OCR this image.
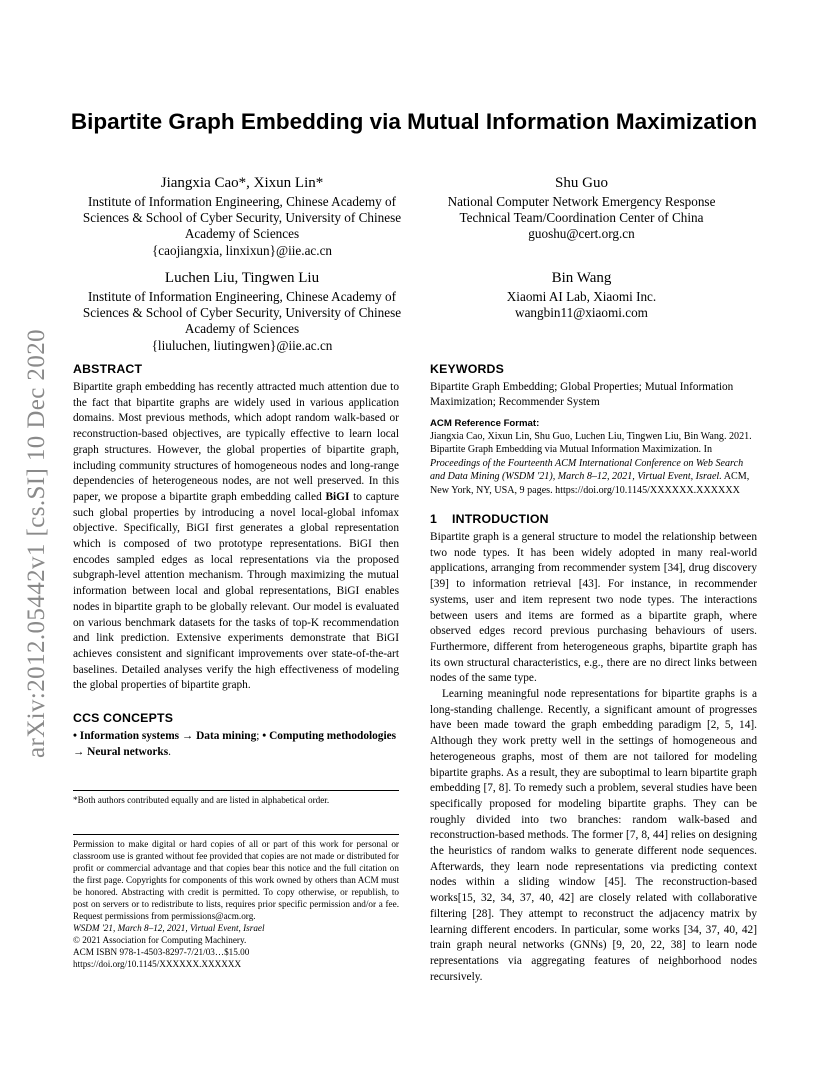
arXiv:2012.05442v1 [cs.SI] 10 Dec 2020
Bipartite Graph Embedding via Mutual Information Maximization
Jiangxia Cao*, Xixun Lin*
Institute of Information Engineering, Chinese Academy of Sciences & School of Cyber Security, University of Chinese Academy of Sciences
{caojiangxia, linxixun}@iie.ac.cn
Shu Guo
National Computer Network Emergency Response Technical Team/Coordination Center of China
guoshu@cert.org.cn
Luchen Liu, Tingwen Liu
Institute of Information Engineering, Chinese Academy of Sciences & School of Cyber Security, University of Chinese Academy of Sciences
{liuluchen, liutingwen}@iie.ac.cn
Bin Wang
Xiaomi AI Lab, Xiaomi Inc.
wangbin11@xiaomi.com
ABSTRACT

Bipartite graph embedding has recently attracted much attention due to the fact that bipartite graphs are widely used in various application domains. Most previous methods, which adopt random walk-based or reconstruction-based objectives, are typically effective to learn local graph structures. However, the global properties of bipartite graph, including community structures of homogeneous nodes and long-range dependencies of heterogeneous nodes, are not well preserved. In this paper, we propose a bipartite graph embedding called BiGI to capture such global properties by introducing a novel local-global infomax objective. Specifically, BiGI first generates a global representation which is composed of two prototype representations. BiGI then encodes sampled edges as local representations via the proposed subgraph-level attention mechanism. Through maximizing the mutual information between local and global representations, BiGI enables nodes in bipartite graph to be globally relevant. Our model is evaluated on various benchmark datasets for the tasks of top-K recommendation and link prediction. Extensive experiments demonstrate that BiGI achieves consistent and significant improvements over state-of-the-art baselines. Detailed analyses verify the high effectiveness of modeling the global properties of bipartite graph.

CCS CONCEPTS

• Information systems → Data mining; • Computing methodologies → Neural networks.

*Both authors contributed equally and are listed in alphabetical order.

Permission to make digital or hard copies of all or part of this work for personal or classroom use is granted without fee provided that copies are not made or distributed for profit or commercial advantage and that copies bear this notice and the full citation on the first page. Copyrights for components of this work owned by others than ACM must be honored. Abstracting with credit is permitted. To copy otherwise, or republish, to post on servers or to redistribute to lists, requires prior specific permission and/or a fee. Request permissions from permissions@acm.org.

WSDM '21, March 8–12, 2021, Virtual Event, Israel

© 2021 Association for Computing Machinery.

ACM ISBN 978-1-4503-8297-7/21/03…$15.00

https://doi.org/10.1145/XXXXXX.XXXXXX

KEYWORDS

Bipartite Graph Embedding; Global Properties; Mutual Information Maximization; Recommender System

ACM Reference Format:

Jiangxia Cao, Xixun Lin, Shu Guo, Luchen Liu, Tingwen Liu, Bin Wang. 2021. Bipartite Graph Embedding via Mutual Information Maximization. In Proceedings of the Fourteenth ACM International Conference on Web Search and Data Mining (WSDM '21), March 8–12, 2021, Virtual Event, Israel. ACM, New York, NY, USA, 9 pages. https://doi.org/10.1145/XXXXXX.XXXXXX

1 INTRODUCTION

Bipartite graph is a general structure to model the relationship between two node types. It has been widely adopted in many real-world applications, arranging from recommender system [34], drug discovery [39] to information retrieval [43]. For instance, in recommender systems, user and item represent two node types. The interactions between users and items are formed as a bipartite graph, where observed edges record previous purchasing behaviours of users. Furthermore, different from heterogeneous graphs, bipartite graph has its own structural characteristics, e.g., there are no direct links between nodes of the same type.

Learning meaningful node representations for bipartite graphs is a long-standing challenge. Recently, a significant amount of progresses have been made toward the graph embedding paradigm [2, 5, 14]. Although they work pretty well in the settings of homogeneous and heterogeneous graphs, most of them are not tailored for modeling bipartite graphs. As a result, they are suboptimal to learn bipartite graph embedding [7, 8]. To remedy such a problem, several studies have been specifically proposed for modeling bipartite graphs. They can be roughly divided into two branches: random walk-based and reconstruction-based methods. The former [7, 8, 44] relies on designing the heuristics of random walks to generate different node sequences. Afterwards, they learn node representations via predicting context nodes within a sliding window [45]. The reconstruction-based works[15, 32, 34, 37, 40, 42] are closely related with collaborative filtering [28]. They attempt to reconstruct the adjacency matrix by learning different encoders. In particular, some works [34, 37, 40, 42] train graph neural networks (GNNs) [9, 20, 22, 38] to learn node representations via aggregating features of neighborhood nodes recursively.
